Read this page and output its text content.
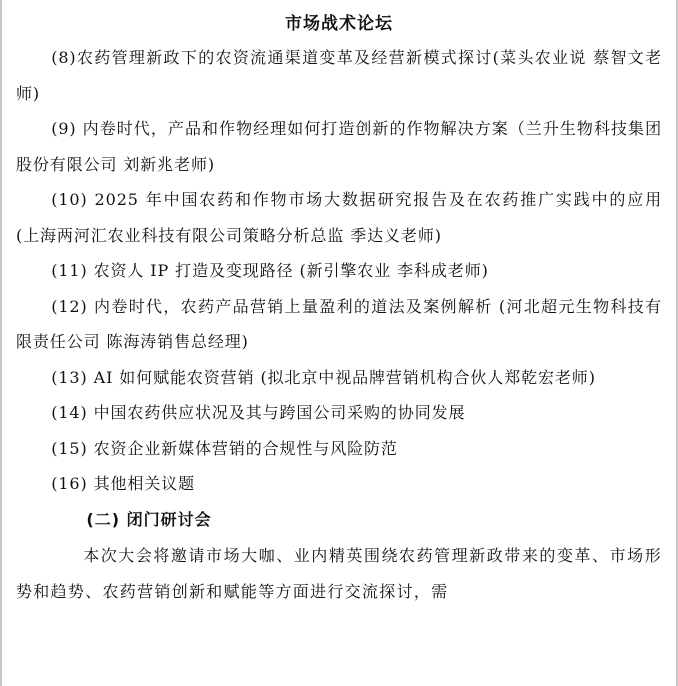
市场战术论坛

(8)农药管理新政下的农资流通渠道变革及经营新模式探讨(菜头农业说 蔡智文老师)

(9) 内卷时代，产品和作物经理如何打造创新的作物解决方案（兰升生物科技集团股份有限公司 刘新兆老师)

(10) 2025 年中国农药和作物市场大数据研究报告及在农药推广实践中的应用 (上海两河汇农业科技有限公司策略分析总监 季达义老师)

(11) 农资人 IP 打造及变现路径 (新引擎农业 李科成老师)

(12) 内卷时代，农药产品营销上量盈利的道法及案例解析 (河北超元生物科技有限责任公司 陈海涛销售总经理)

(13) AI 如何赋能农资营销 (拟北京中视品牌营销机构合伙人郑乾宏老师)

(14) 中国农药供应状况及其与跨国公司采购的协同发展

(15) 农资企业新媒体营销的合规性与风险防范

(16) 其他相关议题

(二) 闭门研讨会

本次大会将邀请市场大咖、业内精英围绕农药管理新政带来的变革、市场形势和趋势、农药营销创新和赋能等方面进行交流探讨，需
